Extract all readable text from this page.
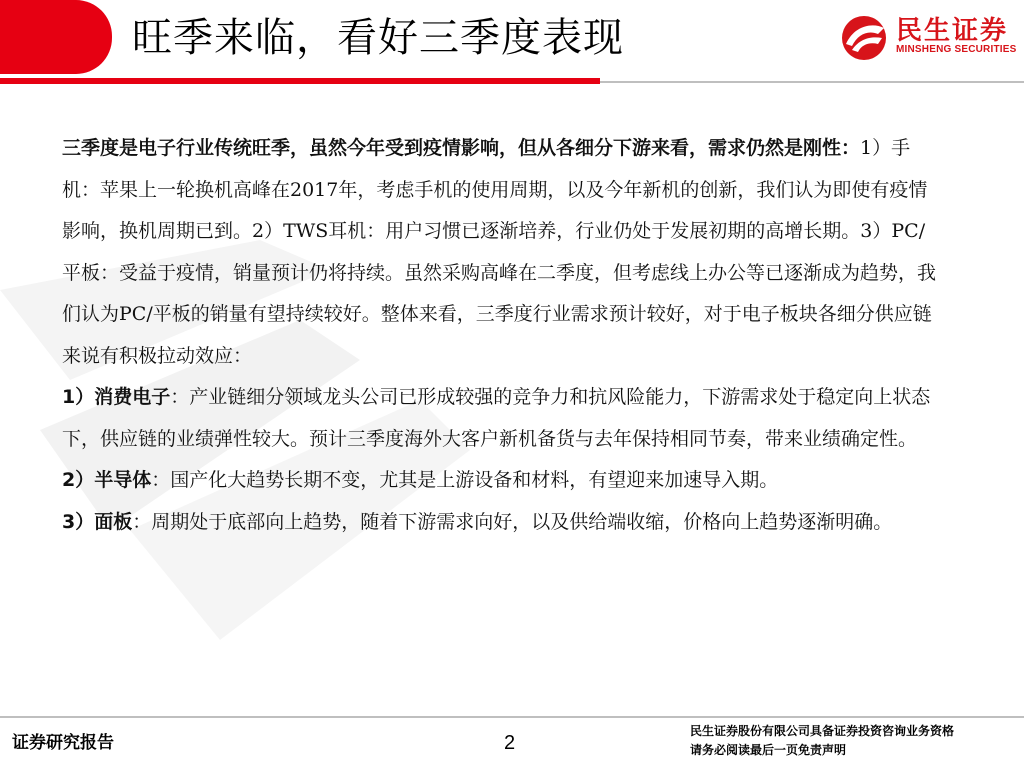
旺季来临，看好三季度表现	民生证券
MINSHENG SECURITIES

三季度是电子行业传统旺季，虽然今年受到疫情影响，但从各细分下游来看，需求仍然是刚性：1）手机：苹果上一轮换机高峰在2017年，考虑手机的使用周期，以及今年新机的创新，我们认为即使有疫情影响，换机周期已到。2）TWS耳机：用户习惯已逐渐培养，行业仍处于发展初期的高增长期。3）PC/平板：受益于疫情，销量预计仍将持续。虽然采购高峰在二季度，但考虑线上办公等已逐渐成为趋势，我们认为PC/平板的销量有望持续较好。整体来看，三季度行业需求预计较好，对于电子板块各细分供应链来说有积极拉动效应：

1）消费电子：产业链细分领域龙头公司已形成较强的竞争力和抗风险能力，下游需求处于稳定向上状态下，供应链的业绩弹性较大。预计三季度海外大客户新机备货与去年保持相同节奏，带来业绩确定性。

2）半导体：国产化大趋势长期不变，尤其是上游设备和材料，有望迎来加速导入期。

3）面板：周期处于底部向上趋势，随着下游需求向好，以及供给端收缩，价格向上趋势逐渐明确。

证券研究报告	2
民生证券股份有限公司具备证券投资咨询业务资格
请务必阅读最后一页免责声明
